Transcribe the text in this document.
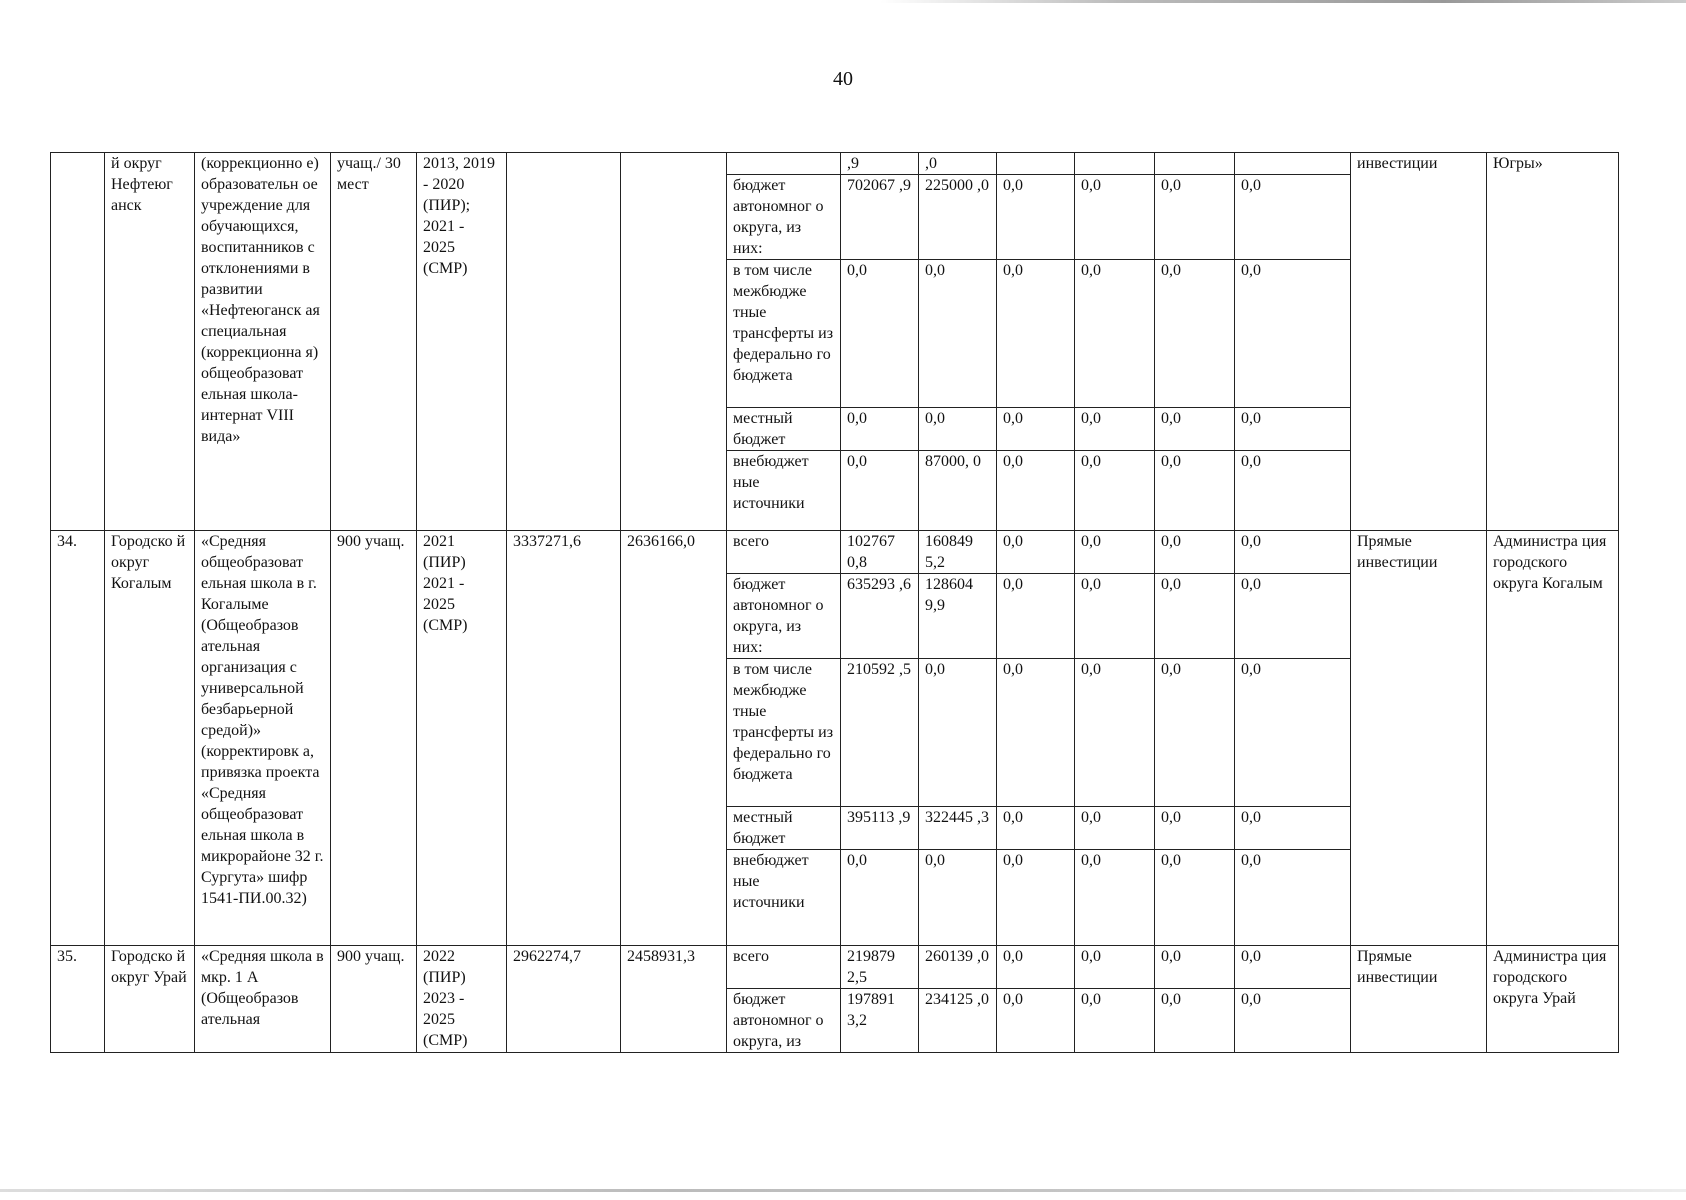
40
	й округ Нефтеюг анск	(коррекционно е) образовательн ое учреждение для обучающихся, воспитанников с отклонениями в развитии «Нефтеюганск ая специальная (коррекционна я) общеобразоват ельная школа-интернат VIII вида»	учащ./ 30 мест	2013, 2019 - 2020 (ПИР); 2021 - 2025 (СМР)				,9	,0					инвестиции	Югры»
							бюджет автономног о округа, из них:	702067 ,9	225000 ,0	0,0	0,0	0,0	0,0		
							в том числе межбюдже тные трансферты из федерально го бюджета	0,0	0,0	0,0	0,0	0,0	0,0		
							местный бюджет	0,0	0,0	0,0	0,0	0,0	0,0		
							внебюджет ные источники	0,0	87000, 0	0,0	0,0	0,0	0,0		
34.	Городско й округ Когалым	«Средняя общеобразоват ельная школа в г. Когалыме (Общеобразов ательная организация с универсальной безбарьерной средой)» (корректировк а, привязка проекта «Средняя общеобразоват ельная школа в микрорайоне 32 г. Сургута» шифр 1541-ПИ.00.32)	900 учащ.	2021 (ПИР) 2021 - 2025 (СМР)	3337271,6	2636166,0	всего	102767 0,8	160849 5,2	0,0	0,0	0,0	0,0	Прямые инвестиции	Администра ция городского округа Когалым
							бюджет автономног о округа, из них:	635293 ,6	128604 9,9	0,0	0,0	0,0	0,0		
							в том числе межбюдже тные трансферты из федерально го бюджета	210592 ,5	0,0	0,0	0,0	0,0	0,0		
							местный бюджет	395113 ,9	322445 ,3	0,0	0,0	0,0	0,0		
							внебюджет ные источники	0,0	0,0	0,0	0,0	0,0	0,0		
35.	Городско й округ Урай	«Средняя школа в мкр. 1 А (Общеобразов ательная	900 учащ.	2022 (ПИР) 2023 - 2025 (СМР)	2962274,7	2458931,3	всего	219879 2,5	260139 ,0	0,0	0,0	0,0	0,0	Прямые инвестиции	Администра ция городского округа Урай
							бюджет автономног о округа, из	197891 3,2	234125 ,0	0,0	0,0	0,0	0,0		
